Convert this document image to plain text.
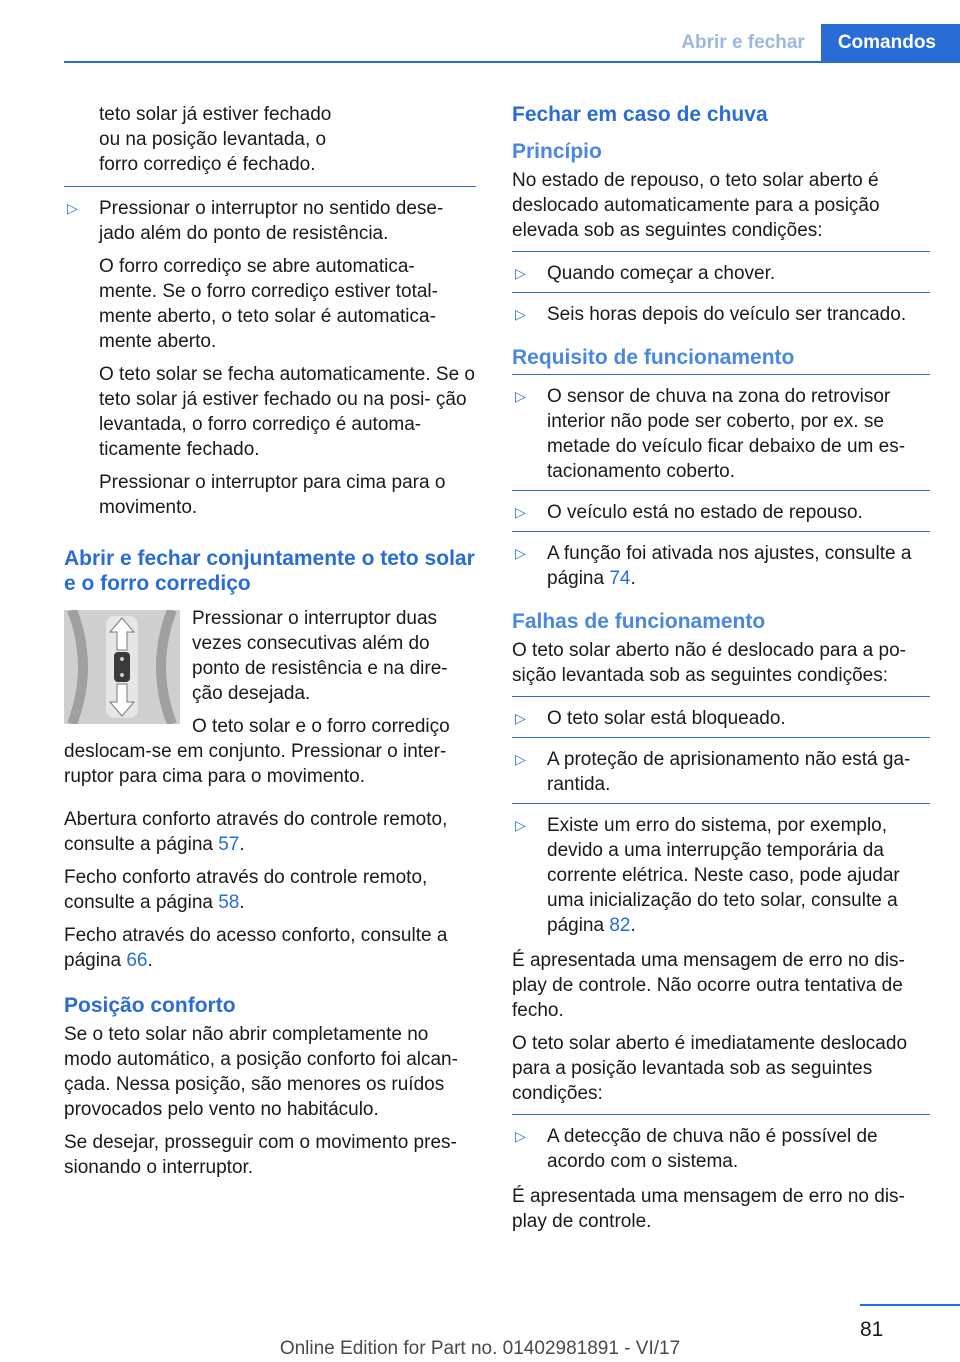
Abrir e fechar	Comandos
teto solar já estiver fechado
ou na posição levantada, o
forro corrediço é fechado.
▷ Pressionar o interruptor no sentido dese‐ jado além do ponto de resistência.

O forro corrediço se abre automatica‐ mente. Se o forro corrediço estiver total‐ mente aberto, o teto solar é automatica‐ mente aberto.

O teto solar se fecha automaticamente. Se o teto solar já estiver fechado ou na posi‐ ção levantada, o forro corrediço é automa‐ ticamente fechado.

Pressionar o interruptor para cima para o movimento.

Abrir e fechar conjuntamente o teto solar e o forro corrediço

Pressionar o interruptor duas vezes consecutivas além do ponto de resistência e na dire‐ ção desejada.

O teto solar e o forro corrediço deslocam-se em conjunto. Pressionar o inter‐ ruptor para cima para o movimento.

Abertura conforto através do controle remoto, consulte a página 57.

Fecho conforto através do controle remoto, consulte a página 58.

Fecho através do acesso conforto, consulte a página 66.

Posição conforto

Se o teto solar não abrir completamente no modo automático, a posição conforto foi alcan‐ çada. Nessa posição, são menores os ruídos provocados pelo vento no habitáculo.

Se desejar, prosseguir com o movimento pres‐ sionando o interruptor.

Fechar em caso de chuva
Princípio

No estado de repouso, o teto solar aberto é deslocado automaticamente para a posição elevada sob as seguintes condições:

▷ Quando começar a chover.
▷ Seis horas depois do veículo ser trancado.
Requisito de funcionamento
▷ O sensor de chuva na zona do retrovisor interior não pode ser coberto, por ex. se metade do veículo ficar debaixo de um es‐ tacionamento coberto.
▷ O veículo está no estado de repouso.
▷ A função foi ativada nos ajustes, consulte a página 74.
Falhas de funcionamento

O teto solar aberto não é deslocado para a po‐ sição levantada sob as seguintes condições:

▷ O teto solar está bloqueado.
▷ A proteção de aprisionamento não está ga‐ rantida.
▷ Existe um erro do sistema, por exemplo, devido a uma interrupção temporária da corrente elétrica. Neste caso, pode ajudar uma inicialização do teto solar, consulte a página 82.

É apresentada uma mensagem de erro no dis‐ play de controle. Não ocorre outra tentativa de fecho.

O teto solar aberto é imediatamente deslocado para a posição levantada sob as seguintes condições:

▷ A detecção de chuva não é possível de acordo com o sistema.

É apresentada uma mensagem de erro no dis‐ play de controle.

81
Online Edition for Part no. 01402981891 - VI/17
